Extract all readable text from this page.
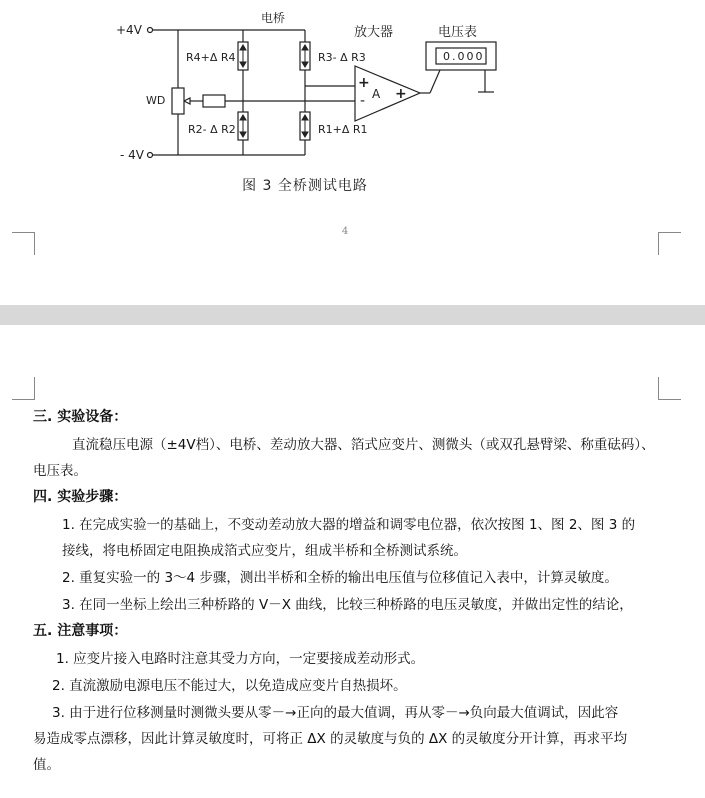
+4V
- 4V
电桥
放大器	电压表
0.000
R4+Δ R4	R3- Δ R3
R2- Δ R2	R1+Δ R1
WD	A
+
- +
图 3 全桥测试电路
4
三. 实验设备：
直流稳压电源（±4V档）、电桥、差动放大器、箔式应变片、测微头（或双孔悬臂梁、称重砝码）、
电压表。
四. 实验步骤：
1. 在完成实验一的基础上，不变动差动放大器的增益和调零电位器，依次按图 1、图 2、图 3 的
接线，将电桥固定电阻换成箔式应变片，组成半桥和全桥测试系统。
2. 重复实验一的 3～4 步骤，测出半桥和全桥的输出电压值与位移值记入表中，计算灵敏度。
3. 在同一坐标上绘出三种桥路的 V－X 曲线，比较三种桥路的电压灵敏度，并做出定性的结论，
五. 注意事项：
1. 应变片接入电路时注意其受力方向，一定要接成差动形式。
2. 直流激励电源电压不能过大，以免造成应变片自热损坏。
3. 由于进行位移测量时测微头要从零－→正向的最大值调，再从零－→负向最大值调试，因此容
易造成零点漂移，因此计算灵敏度时，可将正 ΔX 的灵敏度与负的 ΔX 的灵敏度分开计算，再求平均
值。
